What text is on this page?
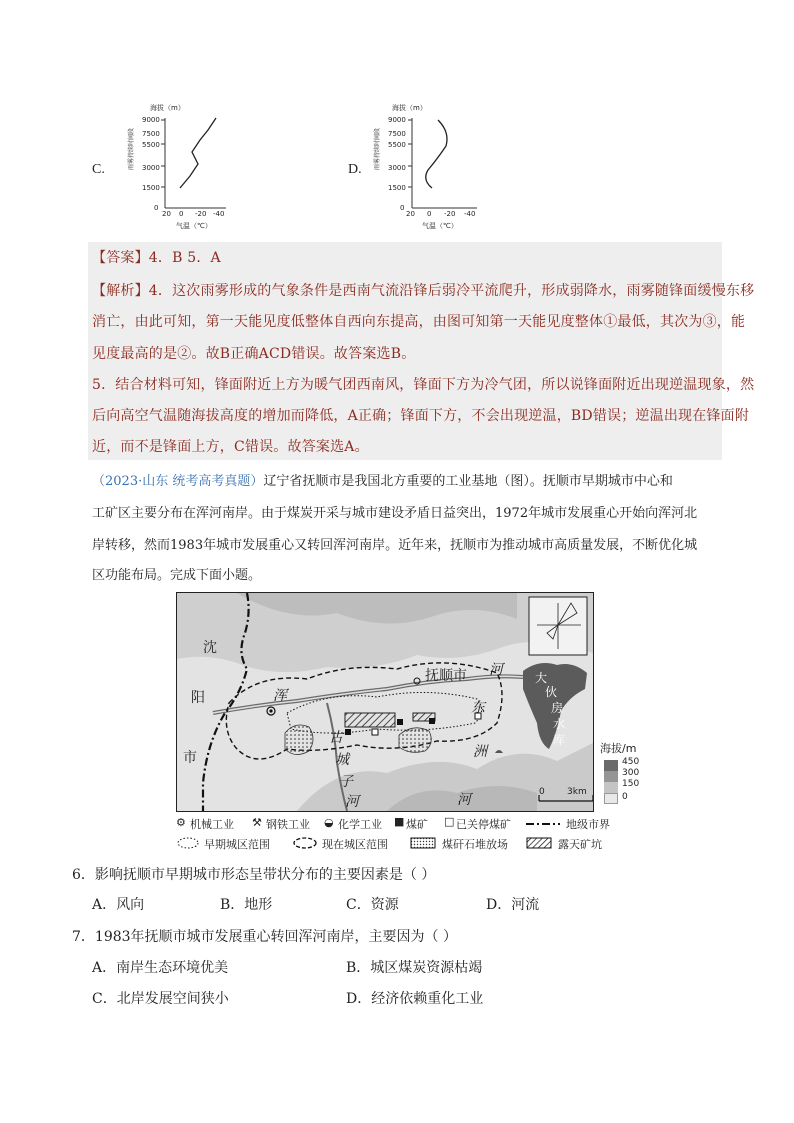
C.
海拔（m）
雨雾持续时间段
9000
7500
5500
3000
1500
0
20 0 -20 -40
气温（℃）
D.
海拔（m）
雨雾持续时间段
9000
7500
5500
3000
1500
0
20 0 -20 -40
气温（℃）
【答案】4．B 5．A
【解析】4．这次雨雾形成的气象条件是西南气流沿锋后弱冷平流爬升，形成弱降水，雨雾随锋面缓慢东移
消亡，由此可知，第一天能见度低整体自西向东提高，由图可知第一天能见度整体①最低，其次为③，能
见度最高的是②。故B正确ACD错误。故答案选B。
5．结合材料可知，锋面附近上方为暖气团西南风，锋面下方为冷气团，所以说锋面附近出现逆温现象，然
后向高空气温随海拔高度的增加而降低，A正确；锋面下方，不会出现逆温，BD错误；逆温出现在锋面附
近，而不是锋面上方，C错误。故答案选A。
（2023·山东 统考高考真题）辽宁省抚顺市是我国北方重要的工业基地（图）。抚顺市早期城市中心和
工矿区主要分布在浑河南岸。由于煤炭开采与城市建设矛盾日益突出，1972年城市发展重心开始向浑河北
岸转移，然而1983年城市发展重心又转回浑河南岸。近年来，抚顺市为推动城市高质量发展，不断优化城
区功能布局。完成下面小题。
沈
阳
市
抚顺市 河
东
洲
河
浑
古
城
子
河
大
伙
房
水
库
0 3km
海拔/m
450
300
150
0
⚙ 机械工业 ⚒ 钢铁工业 ◒ 化学工业 ■ 煤矿 □ 已关停煤矿	地级市界
早期城区范围	现在城区范围	煤矸石堆放场	露天矿坑
6．影响抚顺市早期城市形态呈带状分布的主要因素是（ ）
A．风向	B．地形	C．资源	D．河流
7．1983年抚顺市城市发展重心转回浑河南岸，主要因为（ ）
A．南岸生态环境优美	B．城区煤炭资源枯竭
C．北岸发展空间狭小	D．经济依赖重化工业
